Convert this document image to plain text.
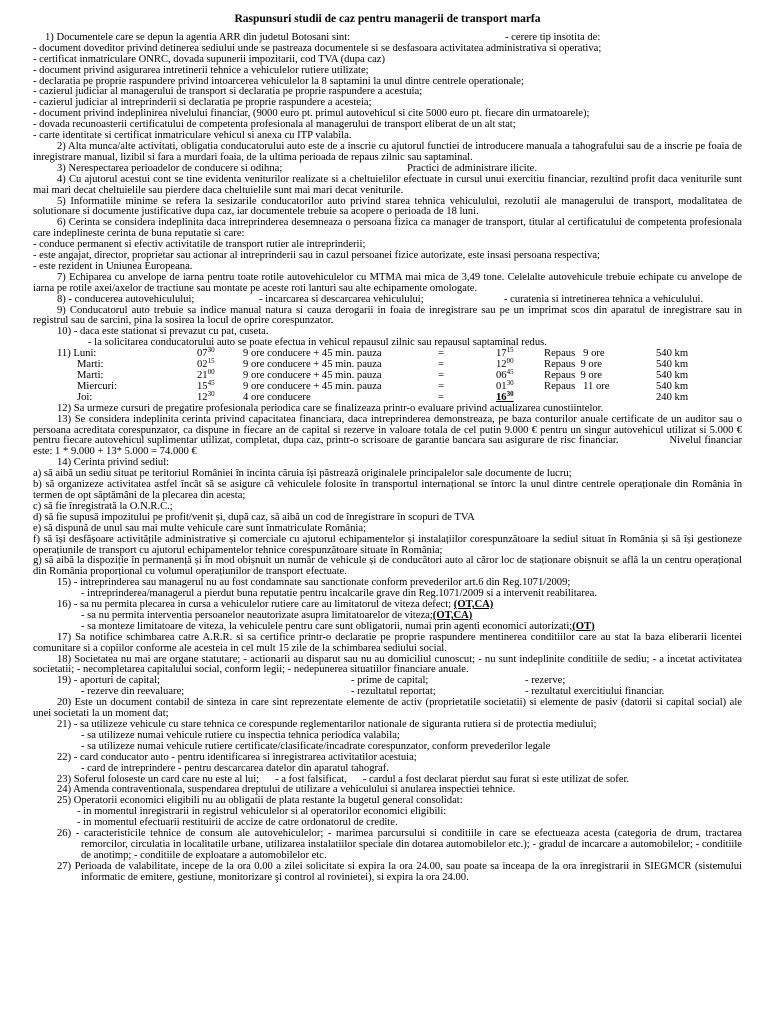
Raspunsuri studii de caz pentru managerii de transport marfa
1) Documentele care se depun la agentia ARR din judetul Botosani sint:	- cerere tip insotita de:
- document doveditor privind detinerea sediului unde se pastreaza documentele si se desfasoara activitatea administrativa si operativa;
- certificat inmatriculare ONRC, dovada supunerii impozitarii, cod TVA (dupa caz)
- document privind asigurarea intretinerii tehnice a vehiculelor rutiere utilizate;
- declaratia pe proprie raspundere privind intoarcerea vehiculelor la 8 saptamini la unul dintre centrele operationale;
- cazierul judiciar al managerului de transport si declaratia pe proprie raspundere a acestuia;
- cazierul judiciar al intreprinderii si declaratia pe proprie raspundere a acesteia;
- document privind indeplinirea nivelului financiar, (9000 euro pt. primul autovehicul si cite 5000 euro pt. fiecare din urmatoarele);
- dovada recunoasterii certificatului de competenta profesionala al managerului de transport eliberat de un alt stat;
- carte identitate si certificat inmatriculare vehicul si anexa cu ITP valabila.
2) Alta munca/alte activitati, obligatia conducatorului auto este de a inscrie cu ajutorul functiei de introducere manuala a tahografului sau de a inscrie pe foaia de inregistrare manual, lizibil si fara a murdari foaia, de la ultima perioada de repaus zilnic sau saptaminal.
3) Nerespectarea perioadelor de conducere si odihna;	Practici de administrare ilicite.
4) Cu ajutorul acestui cont se tine evidenta veniturilor realizate si a cheltuielilor efectuate in cursul unui exercitiu financiar, rezultind profit daca veniturile sunt mai mari decat cheltuielile sau pierdere daca cheltuielile sunt mai mari decat veniturile.
5) Informatiile minime se refera la sesizarile conducatorilor auto privind starea tehnica vehiculului, rezolutii ale managerului de transport, modalitatea de solutionare si documente justificative dupa caz, iar documentele trebuie sa acopere o perioada de 18 luni.
6) Cerinta se considera indeplinita daca intreprinderea desemneaza o persoana fizica ca manager de transport, titular al certificatului de competenta profesionala care indeplineste cerinta de buna reputatie si care:
- conduce permanent si efectiv activitatile de transport rutier ale intreprinderii;
- este angajat, director, proprietar sau actionar al intreprinderii sau in cazul persoanei fizice autorizate, este insasi persoana respectiva;
- este rezident in Uniunea Europeana.
7) Echiparea cu anvelope de iarna pentru toate rotile autovehiculelor cu MTMA mai mica de 3,49 tone. Celelalte autovehicule trebuie echipate cu anvelope de iarna pe rotile axei/axelor de tractiune sau montate pe aceste roti lanturi sau alte echipamente omologate.
8) - conducerea autovehiculului;	- incarcarea si descarcarea vehiculului;	- curatenia si intretinerea tehnica a vehiculului.
9) Conducatorul auto trebuie sa indice manual natura si cauza derogarii in foaia de inregistrare sau pe un imprimat scos din aparatul de inregistrare sau in registrul sau de sarcini, pina la sosirea la locul de oprire corespunzator.
10) - daca este stationat si prevazut cu pat, cuseta.
- la solicitarea conducatorului auto se poate efectua in vehicul repausul zilnic sau repausul saptaminal redus.
11) Luni:	$07^{30}$	9 ore conducere + 45 min. pauza	=	$17^{15}$	Repaus   9 ore	540 km
Marti:	$02^{15}$	9 ore conducere + 45 min. pauza	=	$12^{00}$	Repaus  9 ore	540 km
Marti:	$21^{00}$	9 ore conducere + 45 min. pauza	=	$06^{45}$	Repaus  9 ore	540 km
Miercuri:	$15^{45}$	9 ore conducere + 45 min. pauza	=	$01^{30}$	Repaus   11 ore	540 km
Joi:	$12^{30}$	4 ore conducere	=	$16^{30}$		240 km
12) Sa urmeze cursuri de pregatire profesionala periodica care se finalizeaza printr-o evaluare privind actualizarea cunostiintelor.
13) Se considera indeplinita cerinta privind capacitatea financiara, daca intreprinderea demonstreaza, pe baza conturilor anuale certificate de un auditor sau o persoana acreditata corespunzator, ca dispune in fiecare an de capital si rezerve in valoare totala de cel putin 9.000 € pentru un singur autovehicul utilizat si 5.000 € pentru fiecare autovehicul suplimentar utilizat, completat, dupa caz, printr-o scrisoare de garantie bancara sau asigurare de risc financiar.	Nivelul financiar este: 1 * 9.000 + 13* 5.000 = 74.000 €
14) Cerinta privind sediul:
a) să aibă un sediu situat pe teritoriul României în incinta căruia își păstrează originalele principalelor sale documente de lucru;
b) să organizeze activitatea astfel încât să se asigure că vehiculele folosite în transportul internațional se întorc la unul dintre centrele operaționale din România în termen de opt săptămâni de la plecarea din acesta;
c) să fie înregistrată la O.N.R.C.;
d) să fie supusă impozitului pe profit/venit și, după caz, să aibă un cod de înregistrare în scopuri de TVA
e) să dispună de unul sau mai multe vehicule care sunt înmatriculate România;
f) să își desfășoare activitățile administrative și comerciale cu ajutorul echipamentelor și instalațiilor corespunzătoare la sediul situat în România și să își gestioneze operațiunile de transport cu ajutorul echipamentelor tehnice corespunzătoare situate în România;
g) să aibă la dispoziție în permanență și în mod obișnuit un număr de vehicule și de conducători auto al căror loc de staționare obișnuit se află la un centru operațional din România proporțional cu volumul operațiunilor de transport efectuate.
15) - intreprinderea sau managerul nu au fost condamnate sau sanctionate conform prevederilor art.6 din Reg.1071/2009;
- intreprinderea/managerul a pierdut buna reputatie pentru incalcarile grave din Reg.1071/2009 si a intervenit reabilitarea.
16) - sa nu permita plecarea in cursa a vehiculelor rutiere care au limitatorul de viteza defect; (OT,CA)
- sa nu permita interventia persoanelor neautorizate asupra limitatoarelor de viteza;(OT,CA)
- sa monteze limitatoare de viteza, la vehiculele pentru care sunt obligatorii, numai prin agenti economici autorizati;(OT)
17) Sa notifice schimbarea catre A.R.R. si sa certifice printr-o declaratie pe proprie raspundere mentinerea conditiilor care au stat la baza eliberarii licentei comunitare si a copiilor conforme ale acesteia in cel mult 15 zile de la schimbarea sediului social.
18) Societatea nu mai are organe statutare; - actionarii au disparut sau nu au domiciliul cunoscut; - nu sunt indeplinite conditiile de sediu; - a incetat activitatea societatii; - necompletarea capitalului social, conform legii; - nedepunerea situatiilor financiare anuale.
19) - aporturi de capital;	- prime de capital;	- rezerve;
- rezerve din reevaluare;	- rezultatul reportat;	- rezultatul exercitiului financiar.
20) Este un document contabil de sinteza in care sint reprezentate elemente de activ (proprietatile societatii) si elemente de pasiv (datorii si capital social) ale unei societati la un moment dat;
21) - sa utilizeze vehicule cu stare tehnica ce corespunde reglementarilor nationale de siguranta rutiera si de protectia mediului;
- sa utilizeze numai vehicule rutiere cu inspectia tehnica periodica valabila;
- sa utilizeze numai vehicule rutiere certificate/clasificate/incadrate corespunzator, conform prevederilor legale
22) - card conducator auto - pentru identificarea si inregistrarea activitatilor acestuia;
- card de intreprindere - pentru descarcarea datelor din aparatul tahograf.
23) Soferul foloseste un card care nu este al lui; - a fost falsificat, - cardul a fost declarat pierdut sau furat si este utilizat de sofer.
24) Amenda contraventionala, suspendarea dreptului de utilizare a vehiculului si anularea inspectiei tehnice.
25) Operatorii economici eligibili nu au obligatii de plata restante la bugetul general consolidat:
- in momentul inregistrarii in registrul vehiculelor si al operatorilor economici eligibili:
- in momentul efectuarii restituirii de accize de catre ordonatorul de credite.
26) - caracteristicile tehnice de consum ale autovehiculelor; - marimea parcursului si conditiile in care se efectueaza acesta (categoria de drum, tractarea remorcilor, circulatia in localitatile urbane, utilizarea instalatiilor speciale din dotarea automobilelor etc.); - gradul de incarcare a automobilelor; - conditiile de anotimp; - conditiile de exploatare a automobilelor etc.
27) Perioada de valabilitate, incepe de la ora 0.00 a zilei solicitate si expira la ora 24.00, sau poate sa inceapa de la ora inregistrarii in SIEGMCR (sistemului informatic de emitere, gestiune, monitorizare şi control al rovinietei), si expira la ora 24.00.
